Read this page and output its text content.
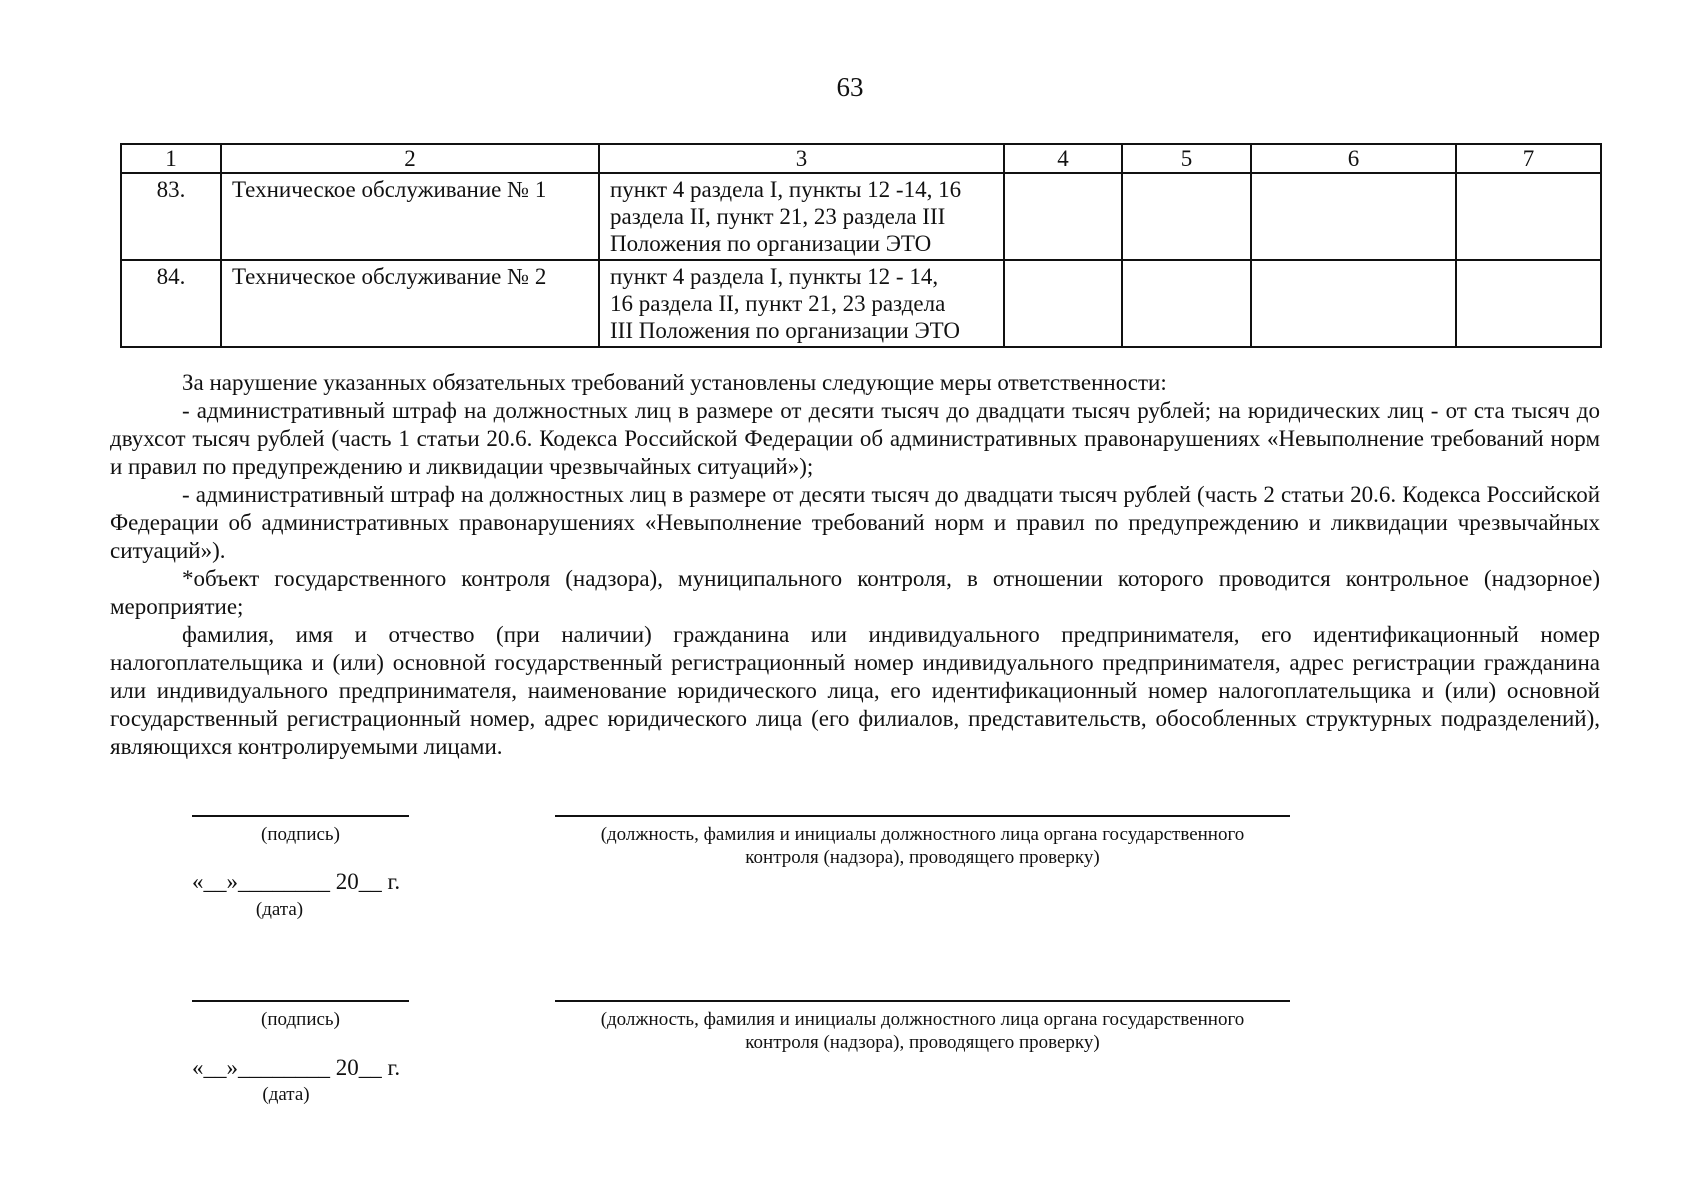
63
1	2	3	4	5	6	7
83.	Техническое обслуживание № 1	пункт 4 раздела I, пункты 12 -14, 16
раздела II, пункт 21, 23 раздела III
Положения по организации ЭТО				

84.	Техническое обслуживание № 2	пункт 4 раздела I, пункты 12 - 14,
16 раздела II, пункт 21, 23 раздела
III Положения по организации ЭТО				

За нарушение указанных обязательных требований установлены следующие меры ответственности:

- административный штраф на должностных лиц в размере от десяти тысяч до двадцати тысяч рублей; на юридических лиц - от ста тысяч до двухсот тысяч рублей (часть 1 статьи 20.6. Кодекса Российской Федерации об административных правонарушениях «Невыполнение требований норм и правил по предупреждению и ликвидации чрезвычайных ситуаций»);

- административный штраф на должностных лиц в размере от десяти тысяч до двадцати тысяч рублей (часть 2 статьи 20.6. Кодекса Российской Федерации об административных правонарушениях «Невыполнение требований норм и правил по предупреждению и ликвидации чрезвычайных ситуаций»).

*объект государственного контроля (надзора), муниципального контроля, в отношении которого проводится контрольное (надзорное) мероприятие;

фамилия, имя и отчество (при наличии) гражданина или индивидуального предпринимателя, его идентификационный номер налогоплательщика и (или) основной государственный регистрационный номер индивидуального предпринимателя, адрес регистрации гражданина или индивидуального предпринимателя, наименование юридического лица, его идентификационный номер налогоплательщика и (или) основной государственный регистрационный номер, адрес юридического лица (его филиалов, представительств, обособленных структурных подразделений), являющихся контролируемыми лицами.

(подпись)	(должность, фамилия и инициалы должностного лица органа государственного
контроля (надзора), проводящего проверку)
«__»________ 20__ г.
(дата)
(подпись)	(должность, фамилия и инициалы должностного лица органа государственного
контроля (надзора), проводящего проверку)
«__»________ 20__ г.
(дата)
